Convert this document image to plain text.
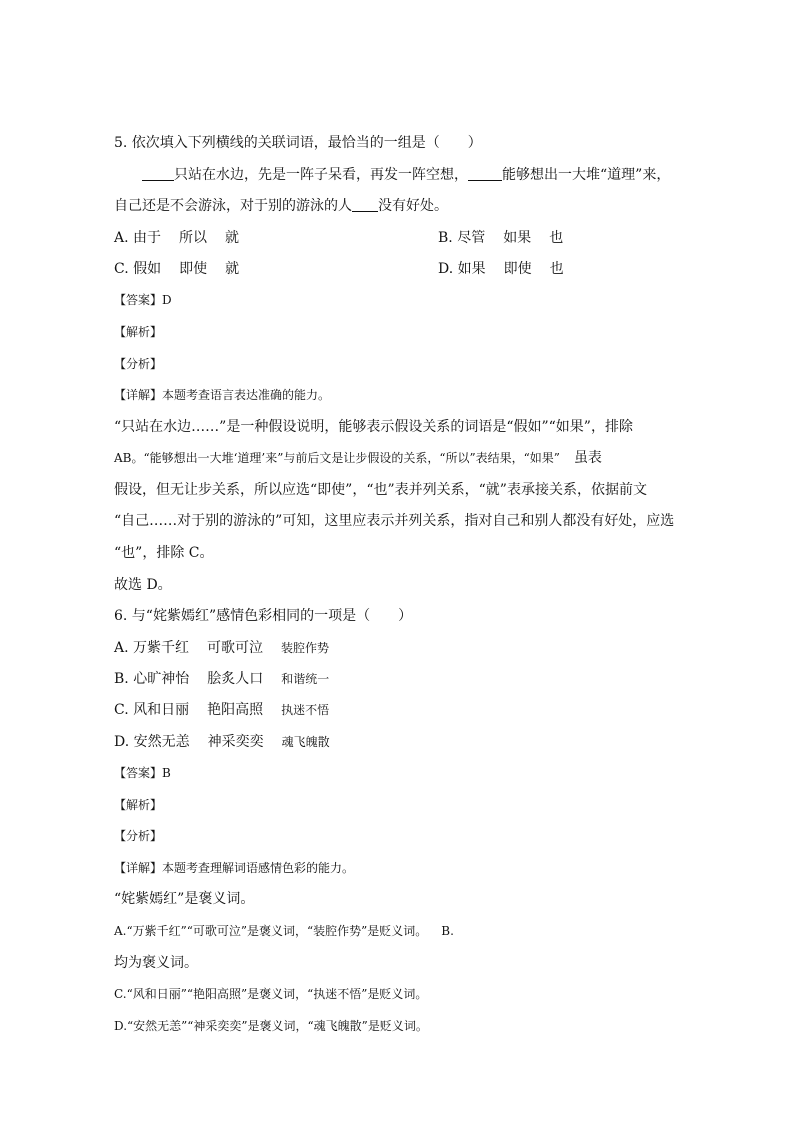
5. 依次填入下列横线的关联词语，最恰当的一组是（　　）
只站在水边，先是一阵子呆看，再发一阵空想， 能够想出一大堆“道理”来，
自己还是不会游泳，对于别的游泳的人 没有好处。
A. 由于 所以 就	B. 尽管 如果 也
C. 假如 即使 就	D. 如果 即使 也
【答案】D
【解析】
【分析】
【详解】本题考查语言表达准确的能力。
“只站在水边……”是一种假设说明，能够表示假设关系的词语是“假如”“如果”，排除
AB。“能够想出一大堆‘道理’来”与前后文是让步假设的关系，“所以”表结果，“如果” 虽表
假设，但无让步关系，所以应选“即使”，“也”表并列关系，“就”表承接关系，依据前文
“自己……对于别的游泳的”可知，这里应表示并列关系，指对自己和别人都没有好处，应选
“也”，排除 C。
故选 D。
6. 与“姹紫嫣红”感情色彩相同的一项是（　　）
A. 万紫千红 可歌可泣 装腔作势
B. 心旷神怡 脍炙人口 和谐统一
C. 风和日丽 艳阳高照 执迷不悟
D. 安然无恙 神采奕奕 魂飞魄散
【答案】B
【解析】
【分析】
【详解】本题考查理解词语感情色彩的能力。
“姹紫嫣红”是褒义词。
A.“万紫千红”“可歌可泣”是褒义词，“装腔作势”是贬义词。 B.
均为褒义词。
C.“风和日丽”“艳阳高照”是褒义词，“执迷不悟”是贬义词。
D.“安然无恙”“神采奕奕”是褒义词，“魂飞魄散”是贬义词。
